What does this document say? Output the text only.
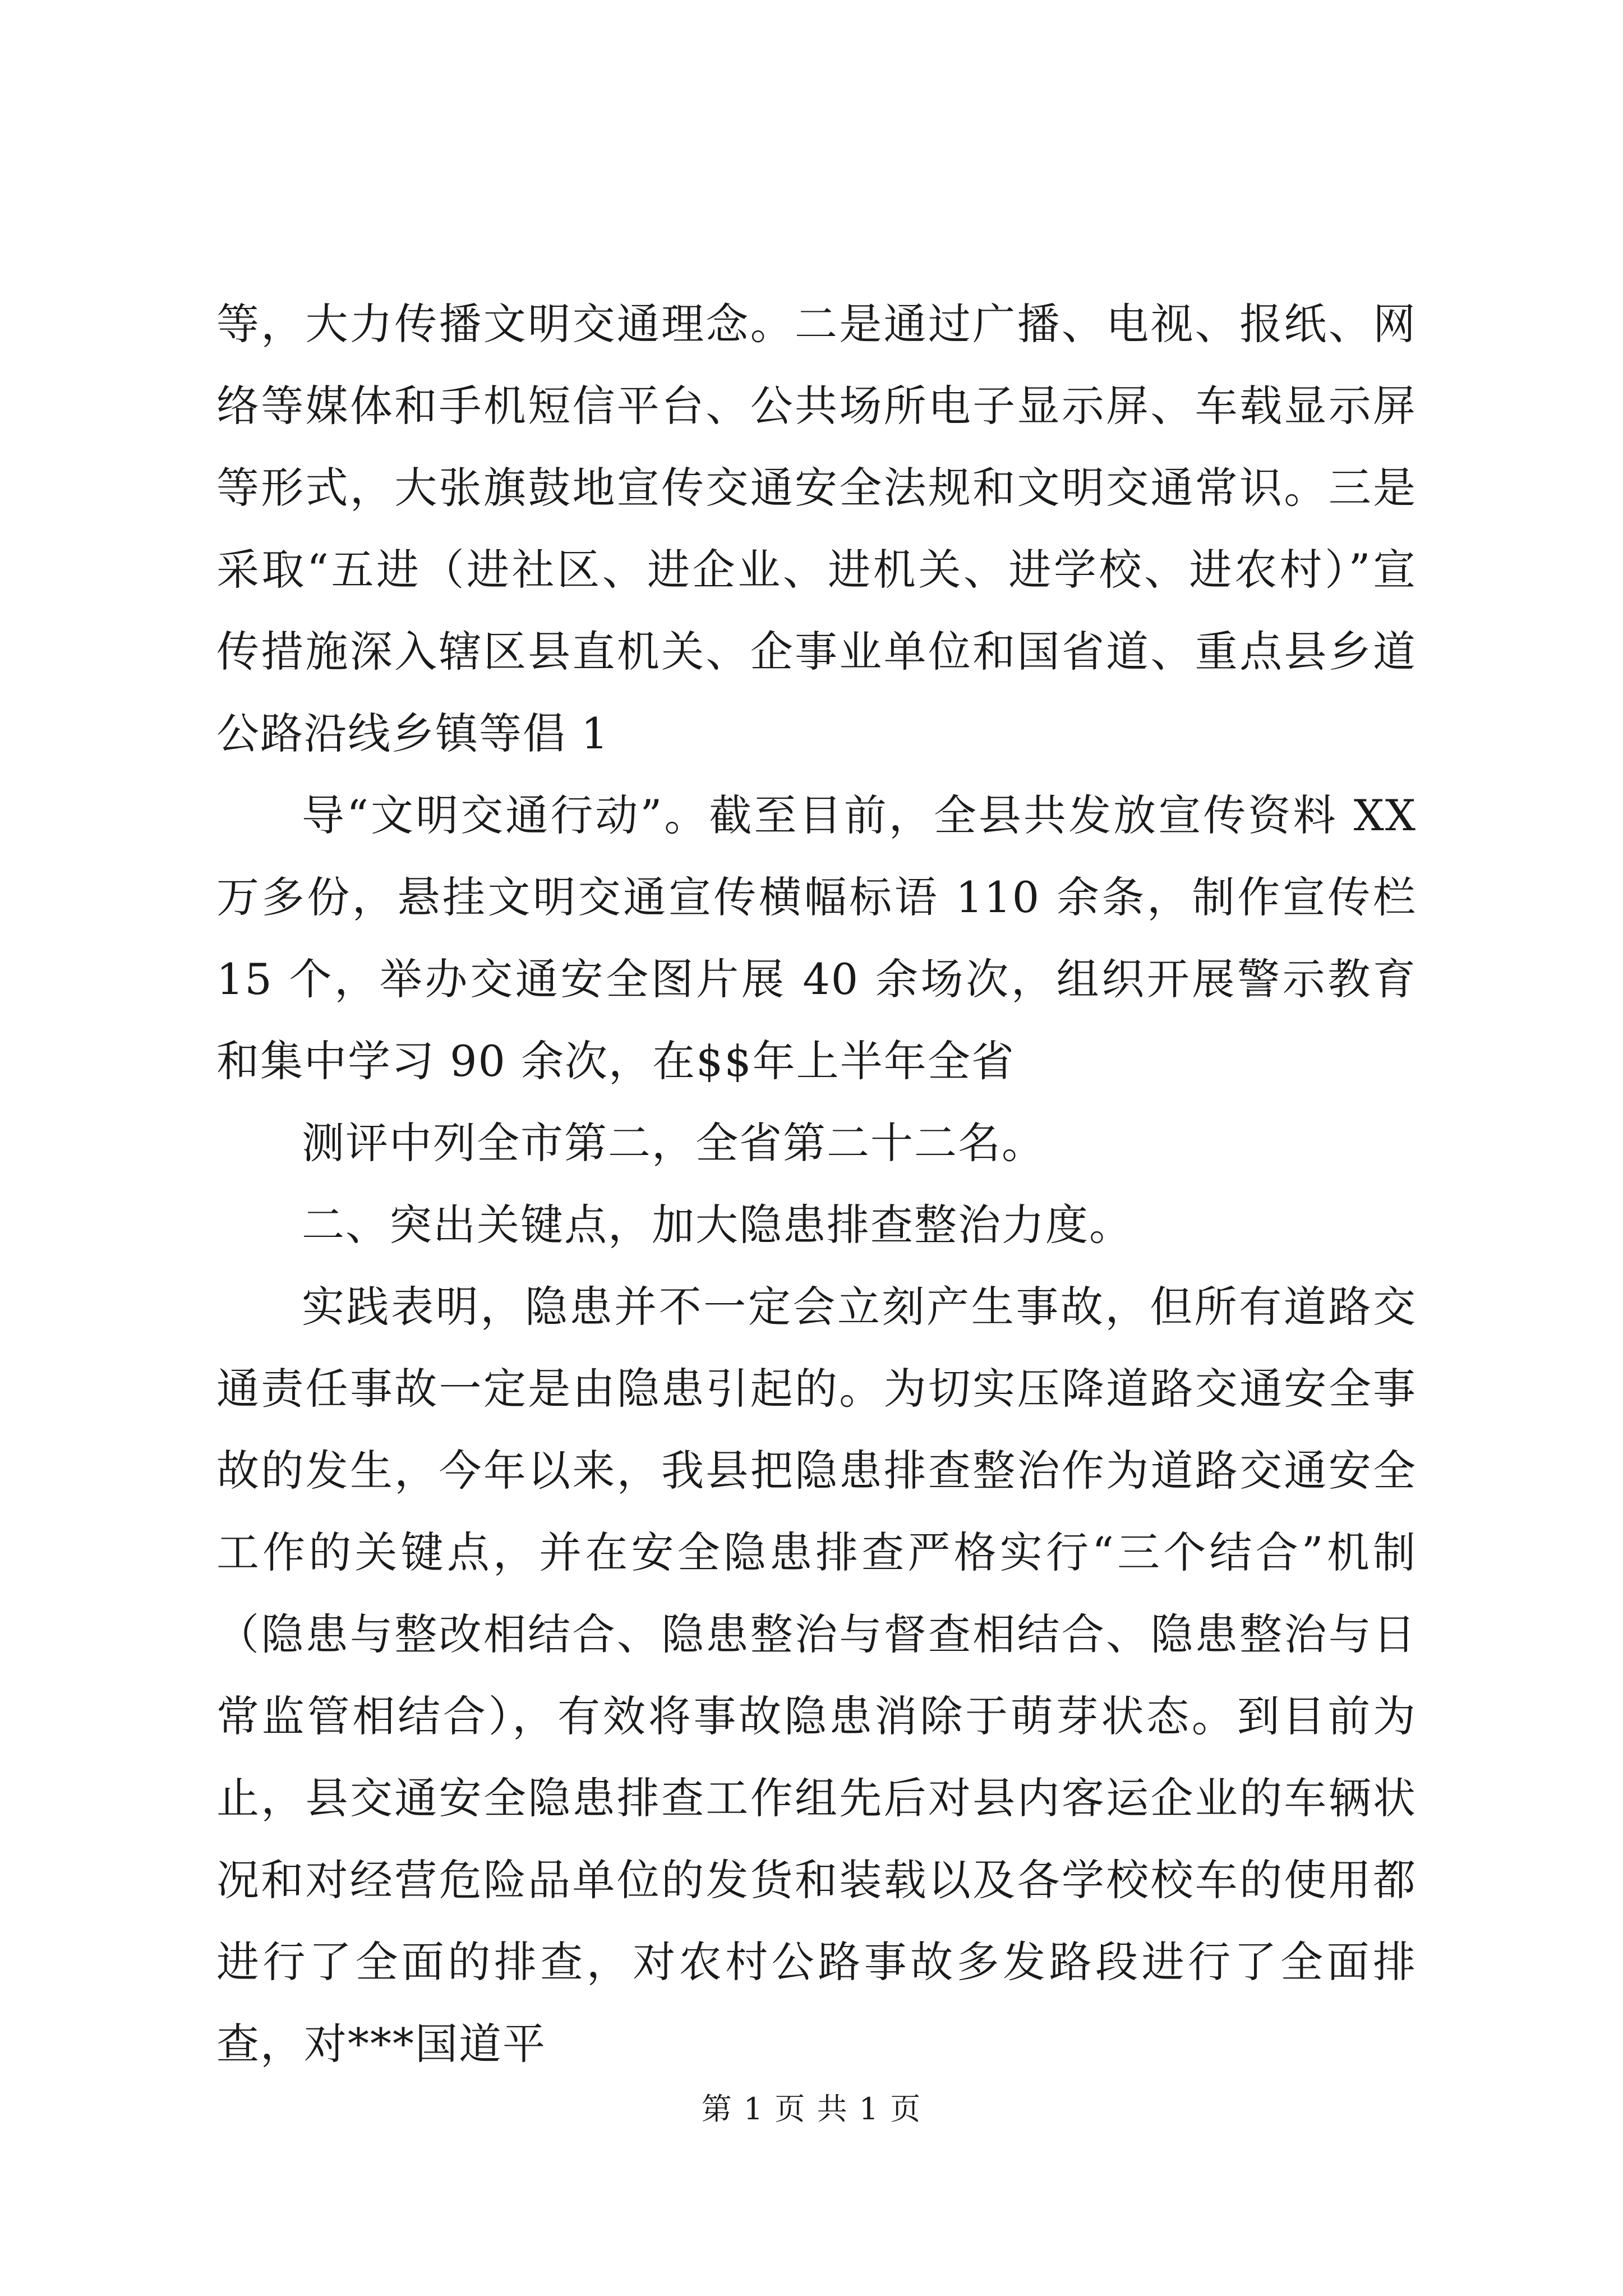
等，大力传播文明交通理念。二是通过广播、电视、报纸、网络等媒体和手机短信平台、公共场所电子显示屏、车载显示屏等形式，大张旗鼓地宣传交通安全法规和文明交通常识。三是采取“五进（进社区、进企业、进机关、进学校、进农村）”宣传措施深入辖区县直机关、企事业单位和国省道、重点县乡道公路沿线乡镇等倡 1

导“文明交通行动”。截至目前，全县共发放宣传资料 XX 万多份，悬挂文明交通宣传横幅标语 110 余条，制作宣传栏 15 个，举办交通安全图片展 40 余场次，组织开展警示教育和集中学习 90 余次，在$$年上半年全省

测评中列全市第二，全省第二十二名。

二、突出关键点，加大隐患排查整治力度。

实践表明，隐患并不一定会立刻产生事故，但所有道路交通责任事故一定是由隐患引起的。为切实压降道路交通安全事故的发生，今年以来，我县把隐患排查整治作为道路交通安全工作的关键点，并在安全隐患排查严格实行“三个结合”机制（隐患与整改相结合、隐患整治与督查相结合、隐患整治与日常监管相结合），有效将事故隐患消除于萌芽状态。到目前为止，县交通安全隐患排查工作组先后对县内客运企业的车辆状况和对经营危险品单位的发货和装载以及各学校校车的使用都进行了全面的排查，对农村公路事故多发路段进行了全面排查，对***国道平

第 1 页 共 1 页
